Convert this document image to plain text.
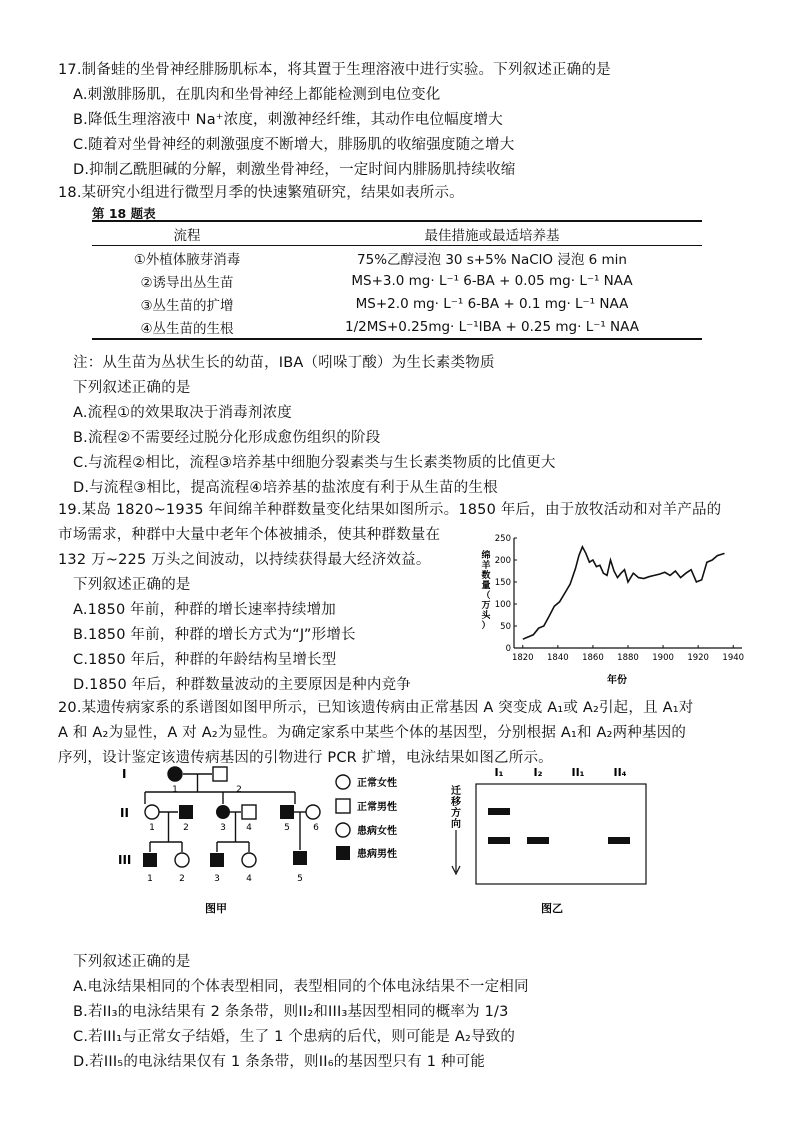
17.制备蛙的坐骨神经腓肠肌标本，将其置于生理溶液中进行实验。下列叙述正确的是
A.刺激腓肠肌，在肌肉和坐骨神经上都能检测到电位变化
B.降低生理溶液中 Na⁺浓度，刺激神经纤维，其动作电位幅度增大
C.随着对坐骨神经的刺激强度不断增大，腓肠肌的收缩强度随之增大
D.抑制乙酰胆碱的分解，刺激坐骨神经，一定时间内腓肠肌持续收缩
18.某研究小组进行微型月季的快速繁殖研究，结果如表所示。
第 18 题表
流程	最佳措施或最适培养基
①外植体腋芽消毒	75%乙醇浸泡 30 s+5% NaClO 浸泡 6 min
②诱导出丛生苗	MS+3.0 mg· L⁻¹ 6-BA + 0.05 mg· L⁻¹ NAA
③丛生苗的扩增	MS+2.0 mg· L⁻¹ 6-BA + 0.1 mg· L⁻¹ NAA
④丛生苗的生根	1/2MS+0.25mg· L⁻¹IBA + 0.25 mg· L⁻¹ NAA
注：从生苗为丛状生长的幼苗，IBA（吲哚丁酸）为生长素类物质
下列叙述正确的是
A.流程①的效果取决于消毒剂浓度
B.流程②不需要经过脱分化形成愈伤组织的阶段
C.与流程②相比，流程③培养基中细胞分裂素类与生长素类物质的比值更大
D.与流程③相比，提高流程④培养基的盐浓度有利于从生苗的生根
19.某岛 1820~1935 年间绵羊种群数量变化结果如图所示。1850 年后，由于放牧活动和对羊产品的
市场需求，种群中大量中老年个体被捕杀，使其种群数量在
132 万~225 万头之间波动，以持续获得最大经济效益。
下列叙述正确的是
A.1850 年前，种群的增长速率持续增加
B.1850 年前，种群的增长方式为“J”形增长
C.1850 年后，种群的年龄结构呈增长型
D.1850 年后，种群数量波动的主要原因是种内竞争
1820 1840 1860 1880 1900 1920 1940
0
50
100
150
200
250
绵羊数量（万头）
年份
20.某遗传病家系的系谱图如图甲所示，已知该遗传病由正常基因 A 突变成 A₁或 A₂引起，且 A₁对
A 和 A₂为显性，A 对 A₂为显性。为确定家系中某些个体的基因型，分别根据 A₁和 A₂两种基因的
序列，设计鉴定该遗传病基因的引物进行 PCR 扩增，电泳结果如图乙所示。
I
II
III
1	2
1	2	3 4	5	6
1	2	3	4	5
正常女性
正常男性
患病女性
患病男性
图甲
I₁	I₂	II₁	II₄
迁移方向
图乙
下列叙述正确的是
A.电泳结果相同的个体表型相同，表型相同的个体电泳结果不一定相同
B.若II₃的电泳结果有 2 条条带，则II₂和III₃基因型相同的概率为 1/3
C.若III₁与正常女子结婚，生了 1 个患病的后代，则可能是 A₂导致的
D.若III₅的电泳结果仅有 1 条条带，则II₆的基因型只有 1 种可能
